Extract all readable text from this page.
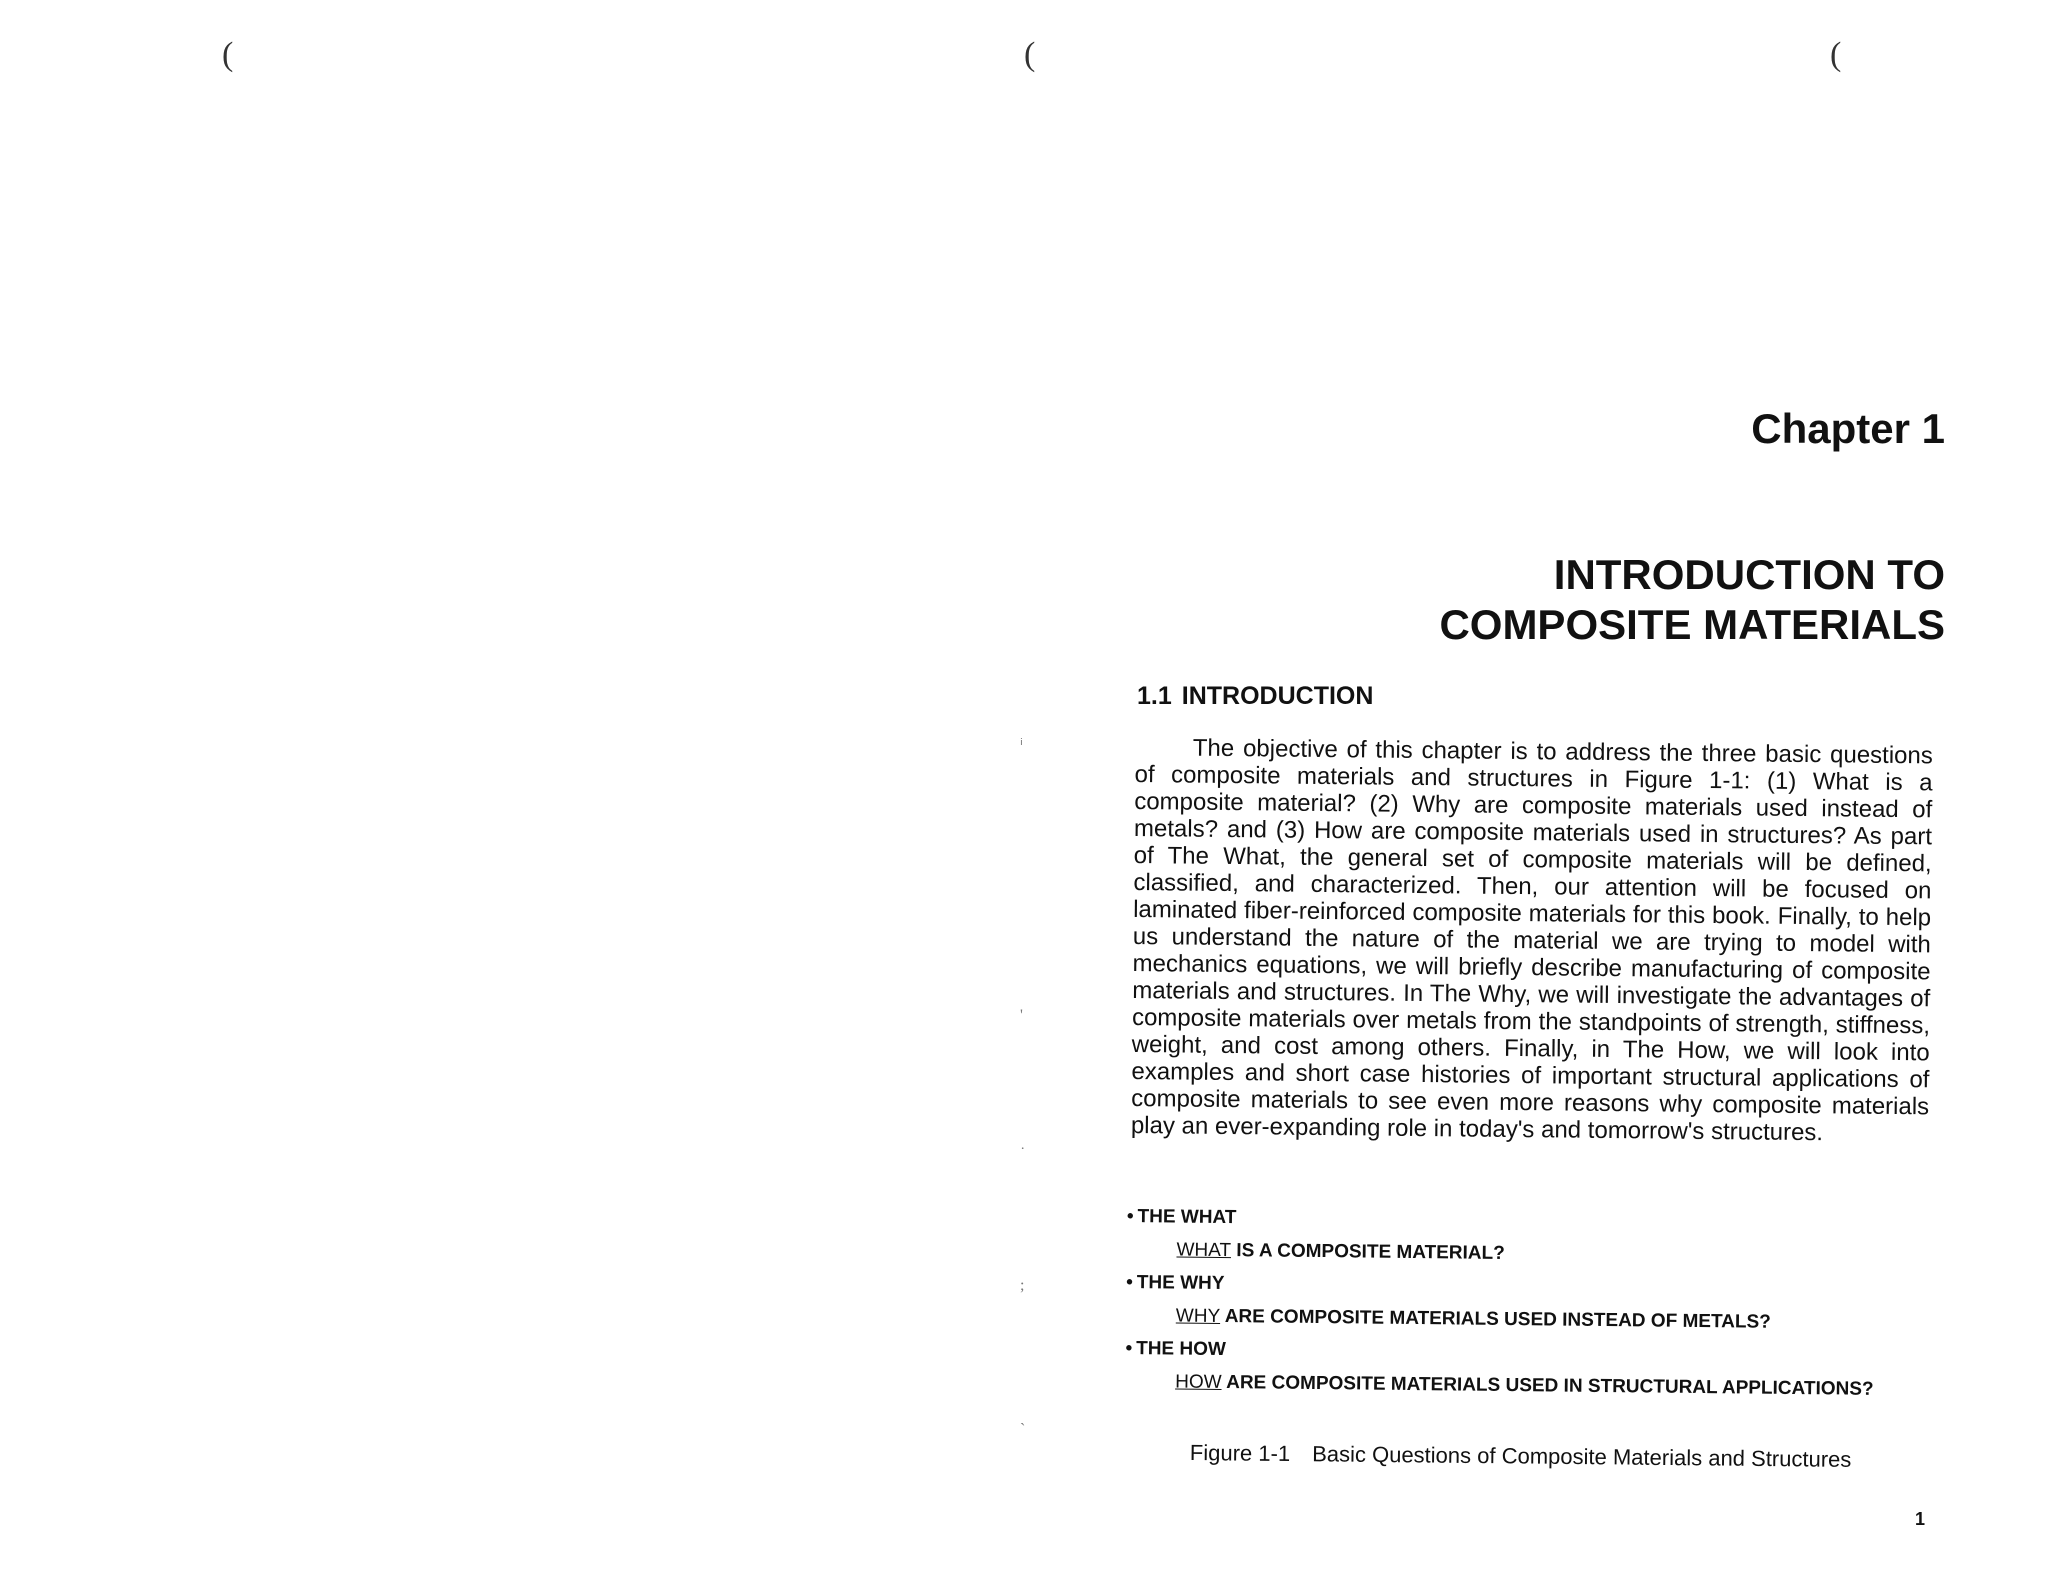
(	(	(
ⁱ
'
˙
;
ˏ
Chapter 1
INTRODUCTION TO
COMPOSITE MATERIALS
1.1 INTRODUCTION

The objective of this chapter is to address the three basic questions of composite materials and structures in Figure 1-1: (1) What is a composite material? (2) Why are composite materials used instead of metals? and (3) How are composite materials used in structures? As part of The What, the general set of composite materials will be defined, classified, and characterized. Then, our attention will be focused on laminated fiber-reinforced composite materials for this book. Finally, to help us understand the nature of the material we are trying to model with mechanics equations, we will briefly describe manufacturing of composite materials and structures. In The Why, we will investigate the advantages of composite materials over metals from the standpoints of strength, stiffness, weight, and cost among others. Finally, in The How, we will look into examples and short case histories of important structural applications of composite materials to see even more reasons why composite materials play an ever-expanding role in today's and tomorrow's structures.

• THE WHAT
WHAT IS A COMPOSITE MATERIAL?
• THE WHY
WHY ARE COMPOSITE MATERIALS USED INSTEAD OF METALS?
• THE HOW
HOW ARE COMPOSITE MATERIALS USED IN STRUCTURAL APPLICATIONS?

Figure 1-1 Basic Questions of Composite Materials and Structures

1
